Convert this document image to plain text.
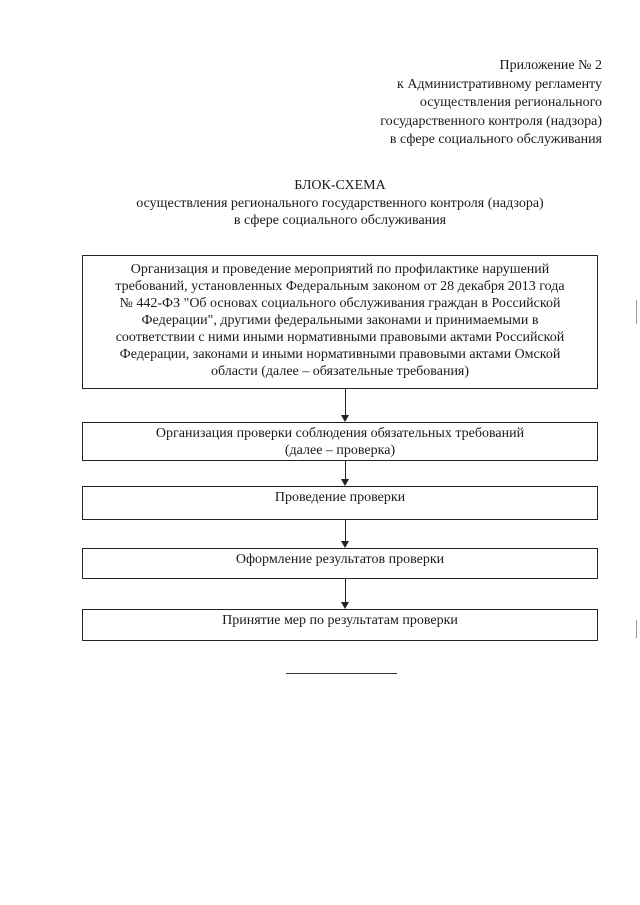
Приложение № 2
к Административному регламенту
осуществления регионального
государственного контроля (надзора)
в сфере социального обслуживания
БЛОК-СХЕМА
осуществления регионального государственного контроля (надзора)
в сфере социального обслуживания
Организация и проведение мероприятий по профилактике нарушений
требований, установленных Федеральным законом от 28 декабря 2013 года
№ 442-ФЗ "Об основах социального обслуживания граждан в Российской
Федерации", другими федеральными законами и принимаемыми в
соответствии с ними иными нормативными правовыми актами Российской
Федерации, законами и иными нормативными правовыми актами Омской
области (далее – обязательные требования)
Организация проверки соблюдения обязательных требований
(далее – проверка)
Проведение проверки
Оформление результатов проверки
Принятие мер по результатам проверки
